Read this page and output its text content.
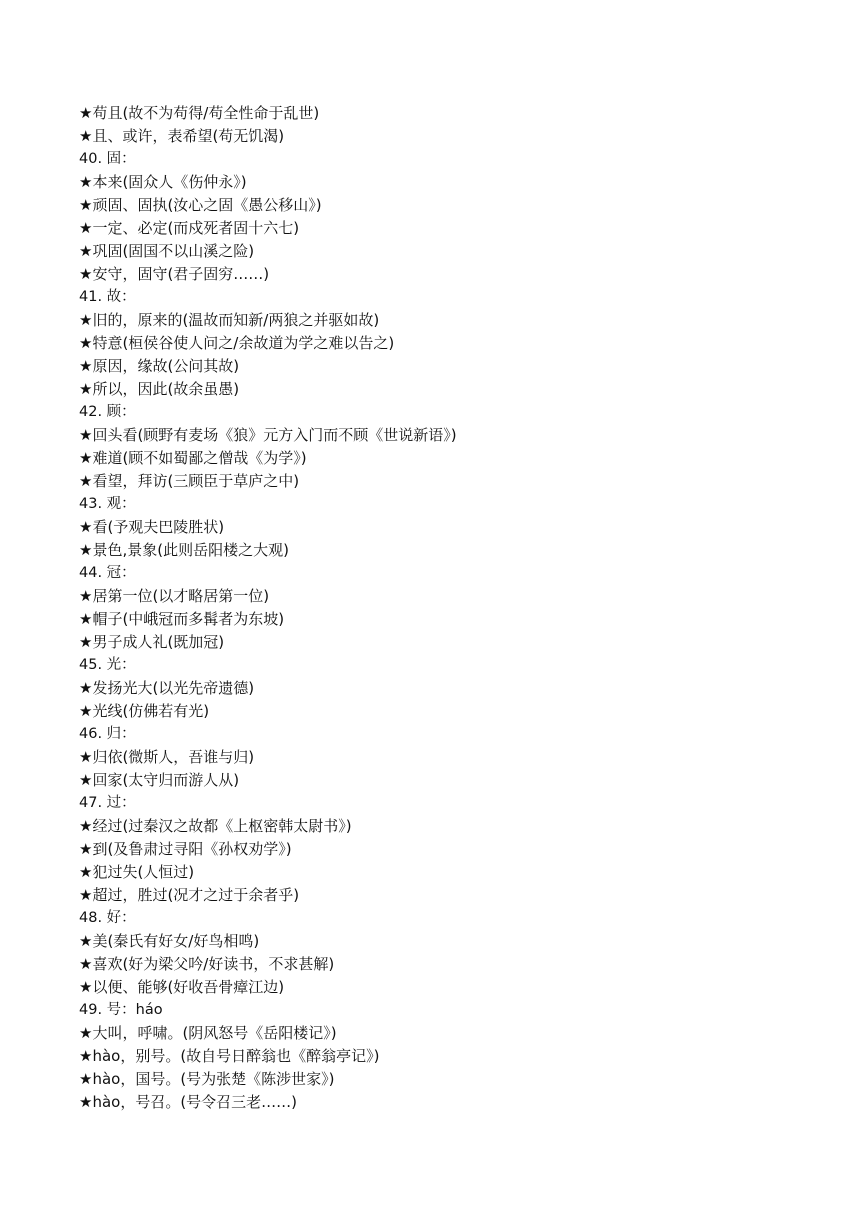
★苟且(故不为苟得/苟全性命于乱世)
★且、或许，表希望(苟无饥渴)
40. 固：
★本来(固众人《伤仲永》)
★顽固、固执(汝心之固《愚公移山》)
★一定、必定(而戍死者固十六七)
★巩固(固国不以山溪之险)
★安守，固守(君子固穷……)
41. 故：
★旧的，原来的(温故而知新/两狼之并驱如故)
★特意(桓侯谷使人问之/余故道为学之难以告之)
★原因，缘故(公问其故)
★所以，因此(故余虽愚)
42. 顾：
★回头看(顾野有麦场《狼》元方入门而不顾《世说新语》)
★难道(顾不如蜀鄙之僧哉《为学》)
★看望，拜访(三顾臣于草庐之中)
43. 观：
★看(予观夫巴陵胜状)
★景色,景象(此则岳阳楼之大观)
44. 冠：
★居第一位(以才略居第一位)
★帽子(中峨冠而多髯者为东坡)
★男子成人礼(既加冠)
45. 光：
★发扬光大(以光先帝遗德)
★光线(仿佛若有光)
46. 归：
★归依(微斯人，吾谁与归)
★回家(太守归而游人从)
47. 过：
★经过(过秦汉之故都《上枢密韩太尉书》)
★到(及鲁肃过寻阳《孙权劝学》)
★犯过失(人恒过)
★超过，胜过(况才之过于余者乎)
48. 好：
★美(秦氏有好女/好鸟相鸣)
★喜欢(好为梁父吟/好读书，不求甚解)
★以便、能够(好收吾骨瘴江边)
49. 号：háo
★大叫，呼啸。(阴风怒号《岳阳楼记》)
★hào，别号。(故自号日醉翁也《醉翁亭记》)
★hào，国号。(号为张楚《陈涉世家》)
★hào，号召。(号令召三老……)
